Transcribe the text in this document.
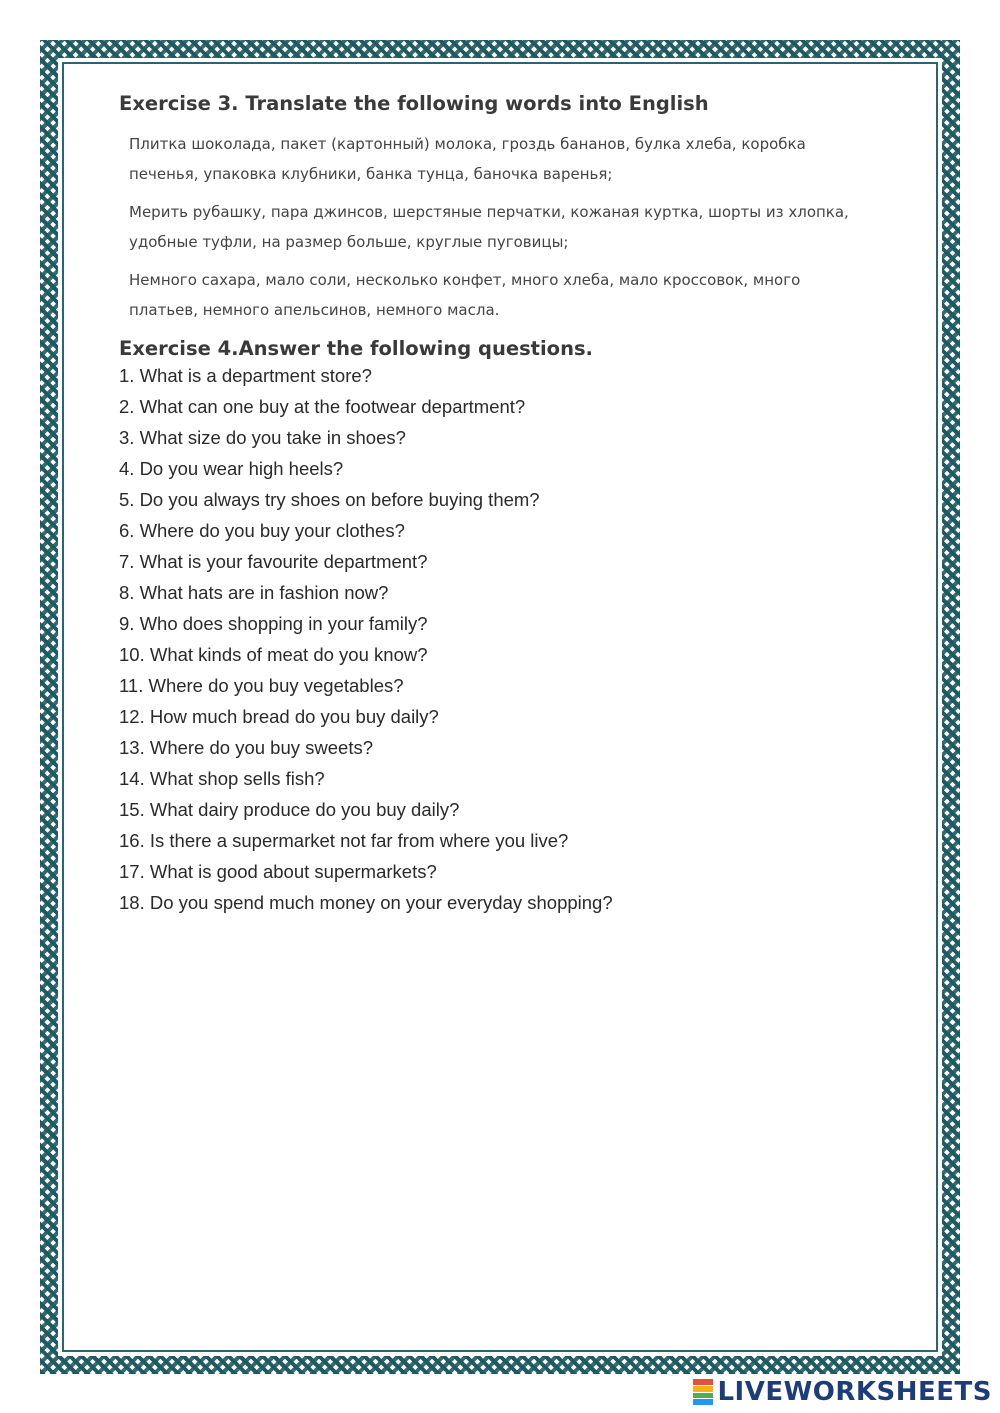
Exercise 3. Translate the following words into English

Плитка шоколада, пакет (картонный) молока, гроздь бананов, булка хлеба, коробка печенья, упаковка клубники, банка тунца, баночка варенья;

Мерить рубашку, пара джинсов, шерстяные перчатки, кожаная куртка, шорты из хлопка, удобные туфли, на размер больше, круглые пуговицы;

Немного сахара, мало соли, несколько конфет, много хлеба, мало кроссовок, много платьев, немного апельсинов, немного масла.

Exercise 4.Answer the following questions.
1. What is a department store?
2. What can one buy at the footwear department?
3. What size do you take in shoes?
4. Do you wear high heels?
5. Do you always try shoes on before buying them?
6. Where do you buy your clothes?
7. What is your favourite department?
8. What hats are in fashion now?
9. Who does shopping in your family?
10. What kinds of meat do you know?
11. Where do you buy vegetables?
12. How much bread do you buy daily?
13. Where do you buy sweets?
14. What shop sells fish?
15. What dairy produce do you buy daily?
16. Is there a supermarket not far from where you live?
17. What is good about supermarkets?
18. Do you spend much money on your everyday shopping?
LIVEWORKSHEETS
